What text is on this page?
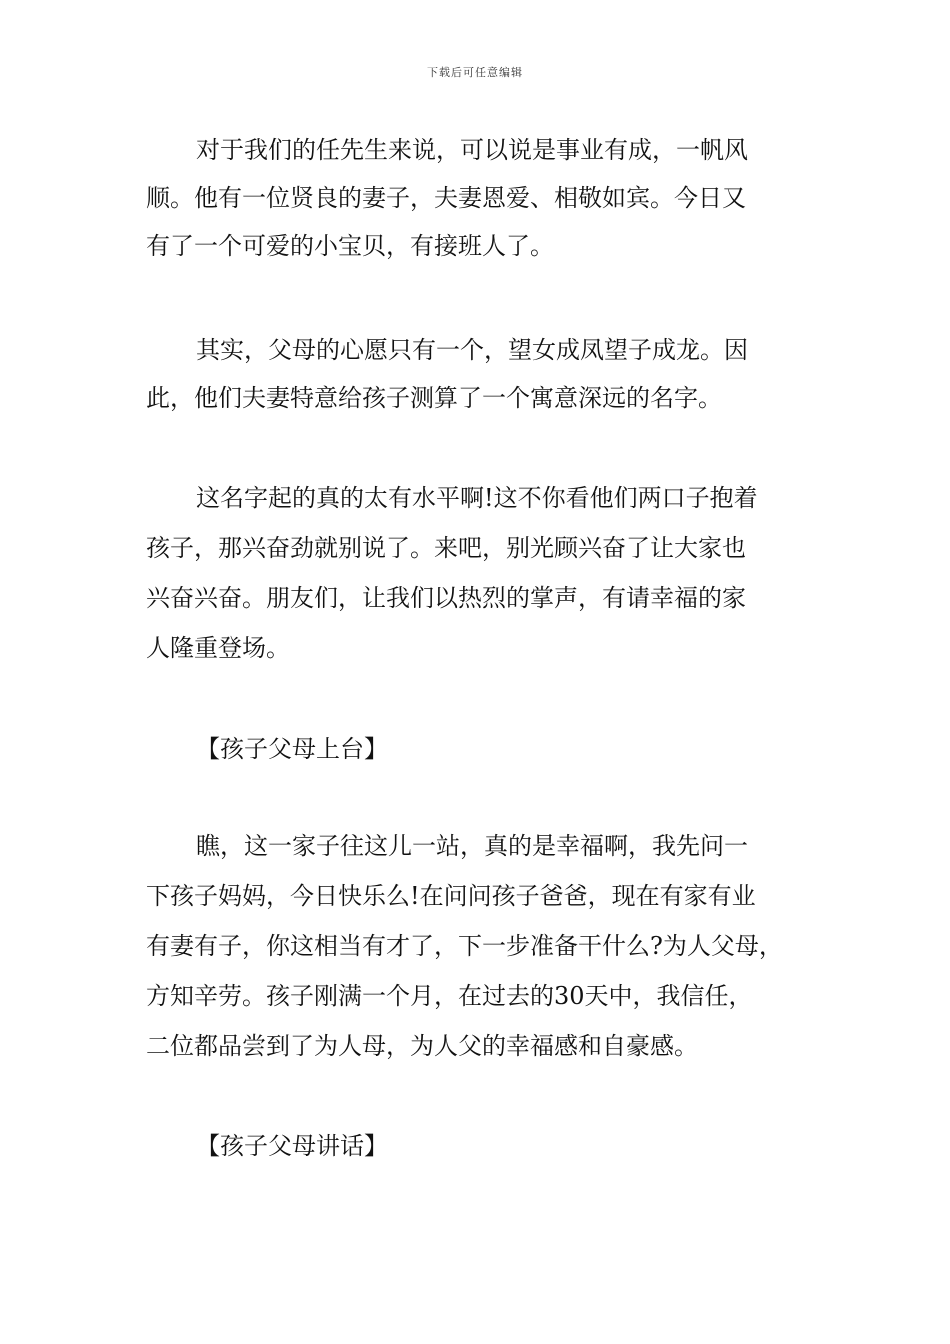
下载后可任意编辑
对于我们的任先生来说，可以说是事业有成，一帆风
顺。他有一位贤良的妻子，夫妻恩爱、相敬如宾。今日又
有了一个可爱的小宝贝，有接班人了。
其实，父母的心愿只有一个，望女成凤望子成龙。因
此，他们夫妻特意给孩子测算了一个寓意深远的名字。
这名字起的真的太有水平啊!这不你看他们两口子抱着
孩子，那兴奋劲就别说了。来吧，别光顾兴奋了让大家也
兴奋兴奋。朋友们，让我们以热烈的掌声，有请幸福的家
人隆重登场。
【孩子父母上台】
瞧，这一家子往这儿一站，真的是幸福啊，我先问一
下孩子妈妈，今日快乐么!在问问孩子爸爸，现在有家有业
有妻有子，你这相当有才了，下一步准备干什么?为人父母，
方知辛劳。孩子刚满一个月，在过去的30天中，我信任，
二位都品尝到了为人母，为人父的幸福感和自豪感。
【孩子父母讲话】
